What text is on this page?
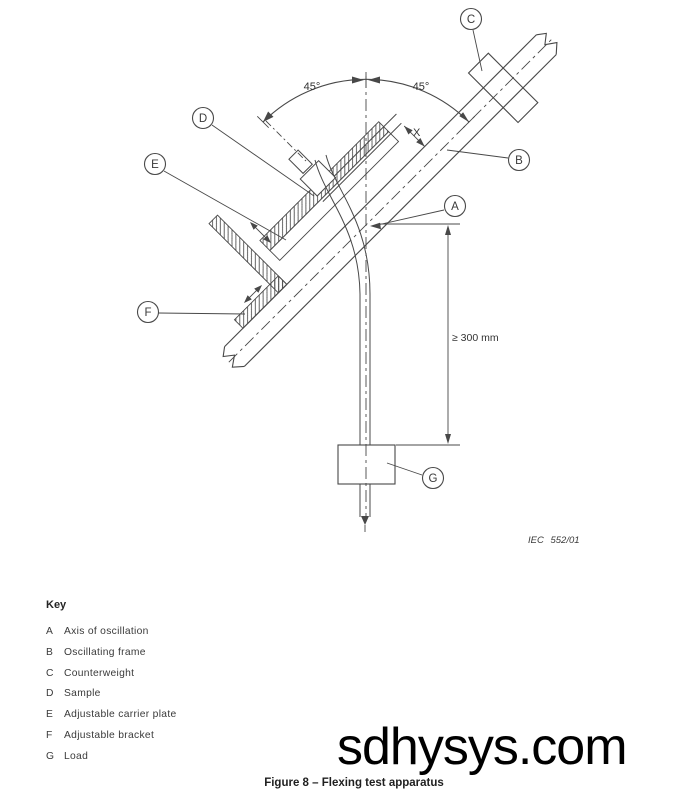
45°	45°
X
≥ 300 mm
C
D
E	B
A
F
G
IEC 552/01
Key
A	Axis of oscillation
B	Oscillating frame
C Counterweight
D Sample
E	Adjustable carrier plate
F	Adjustable bracket
G Load
Figure 8 – Flexing test apparatus
sdhysys.com
